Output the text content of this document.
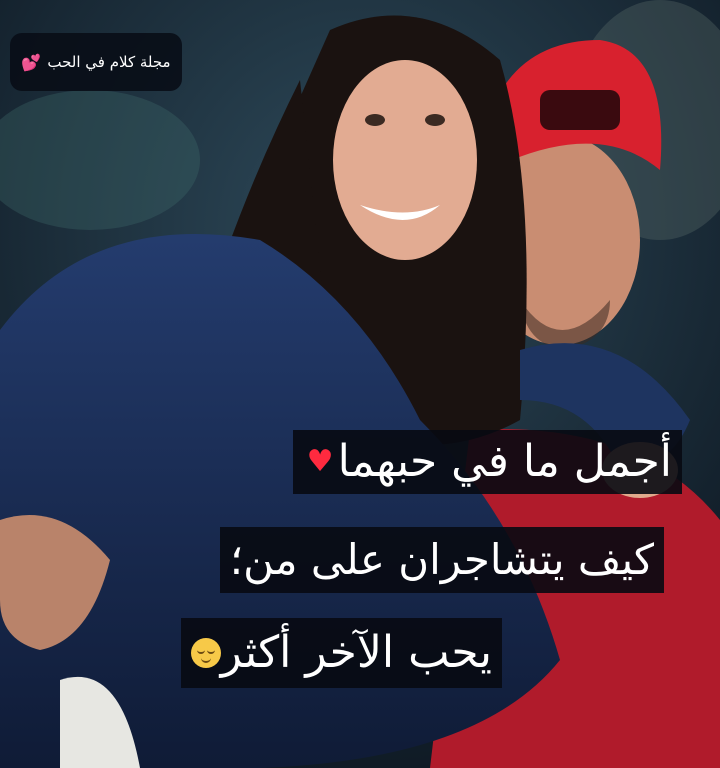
مجلة كلام في الحب
💕
أجمل ما في حبهما
♥
كيف يتشاجران على من؛
يحب الآخر أكثر
